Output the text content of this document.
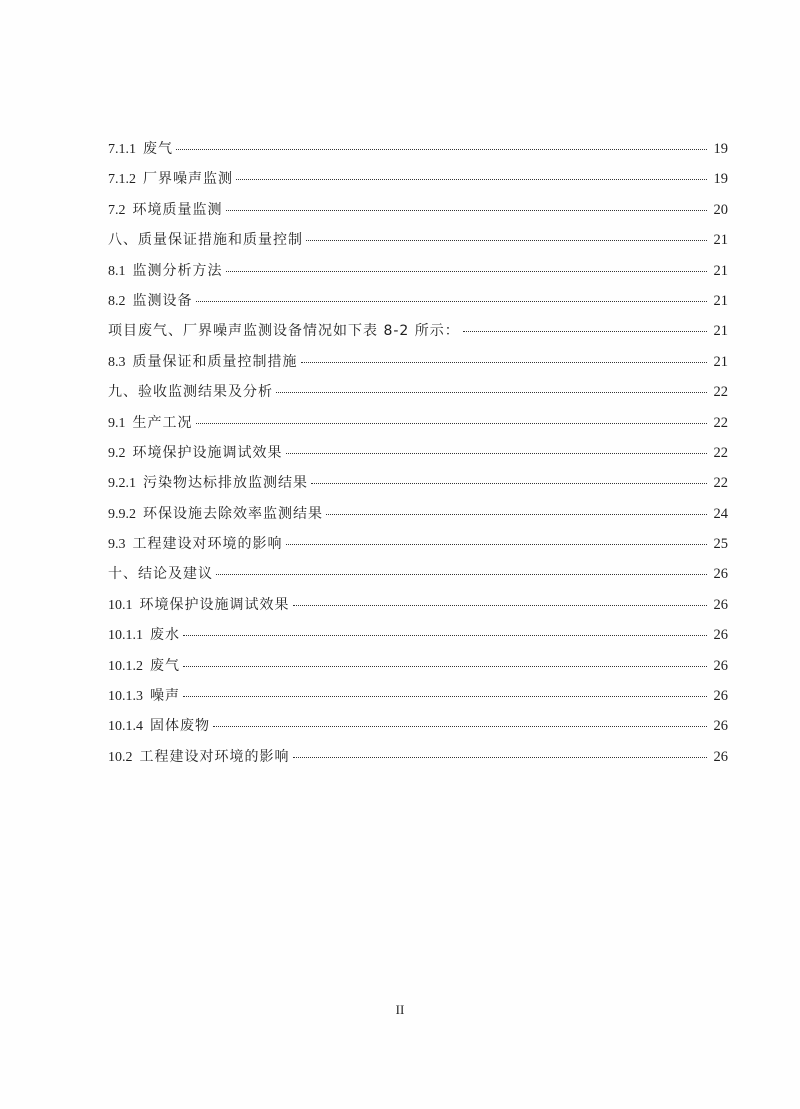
7.1.1 废气	19
7.1.2 厂界噪声监测	19
7.2 环境质量监测	20
八、质量保证措施和质量控制	21
8.1 监测分析方法	21
8.2 监测设备	21
项目废气、厂界噪声监测设备情况如下表 8-2 所示：	21
8.3 质量保证和质量控制措施	21
九、验收监测结果及分析	22
9.1 生产工况	22
9.2 环境保护设施调试效果	22
9.2.1 污染物达标排放监测结果	22
9.9.2 环保设施去除效率监测结果	24
9.3 工程建设对环境的影响	25
十、结论及建议	26
10.1 环境保护设施调试效果	26
10.1.1 废水	26
10.1.2 废气	26
10.1.3 噪声	26
10.1.4 固体废物	26
10.2 工程建设对环境的影响	26
II
